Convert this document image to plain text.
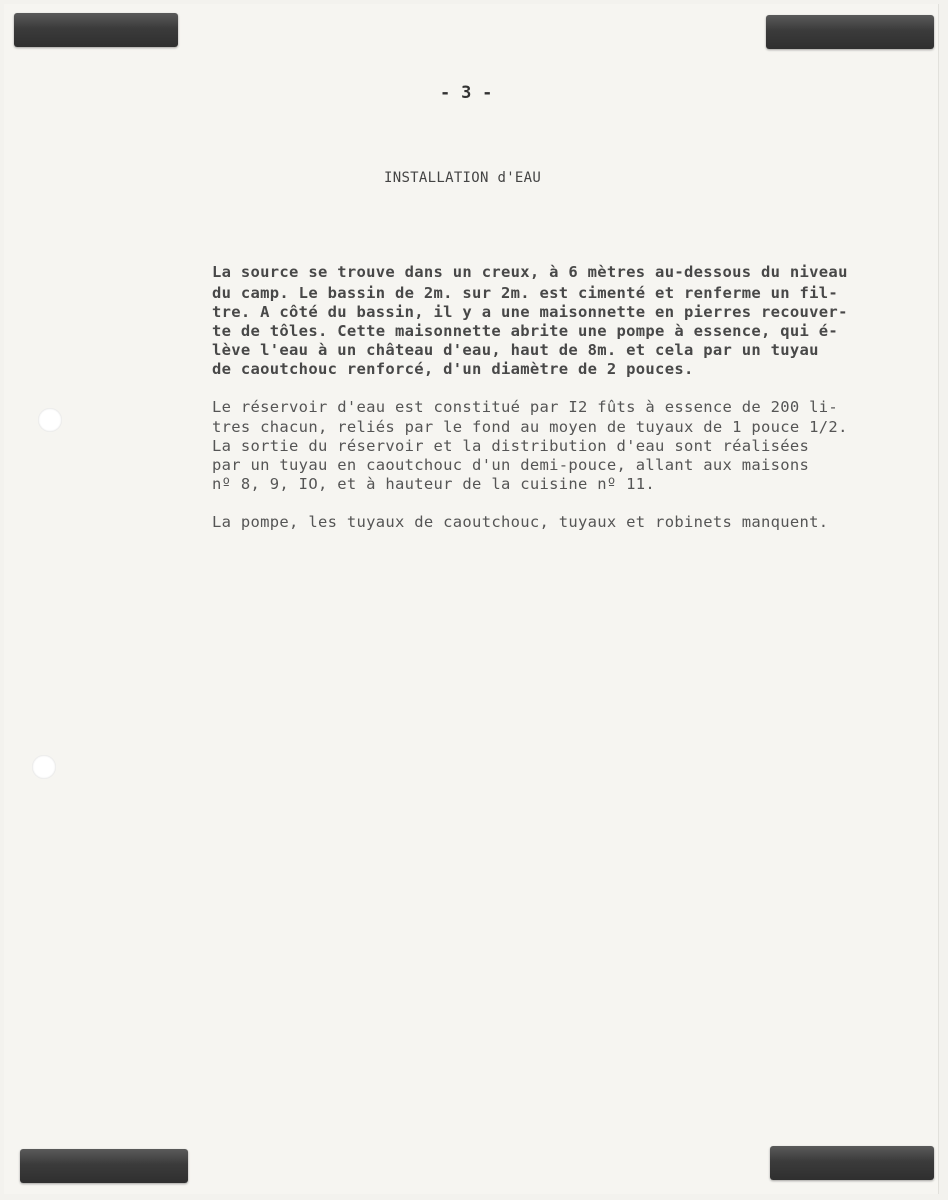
- 3 -
INSTALLATION d'EAU
La source se trouve dans un creux, à 6 mètres au-dessous du niveau
du camp. Le bassin de 2m. sur 2m. est cimenté et renferme un fil-
tre. A côté du bassin, il y a une maisonnette en pierres recouver-
te de tôles. Cette maisonnette abrite une pompe à essence, qui é-
lève l'eau à un château d'eau, haut de 8m. et cela par un tuyau
de caoutchouc renforcé, d'un diamètre de 2 pouces.
Le réservoir d'eau est constitué par I2 fûts à essence de 200 li-
tres chacun, reliés par le fond au moyen de tuyaux de 1 pouce 1/2.
La sortie du réservoir et la distribution d'eau sont réalisées
par un tuyau en caoutchouc d'un demi-pouce, allant aux maisons
nº 8, 9, IO, et à hauteur de la cuisine nº 11.
La pompe, les tuyaux de caoutchouc, tuyaux et robinets manquent.
